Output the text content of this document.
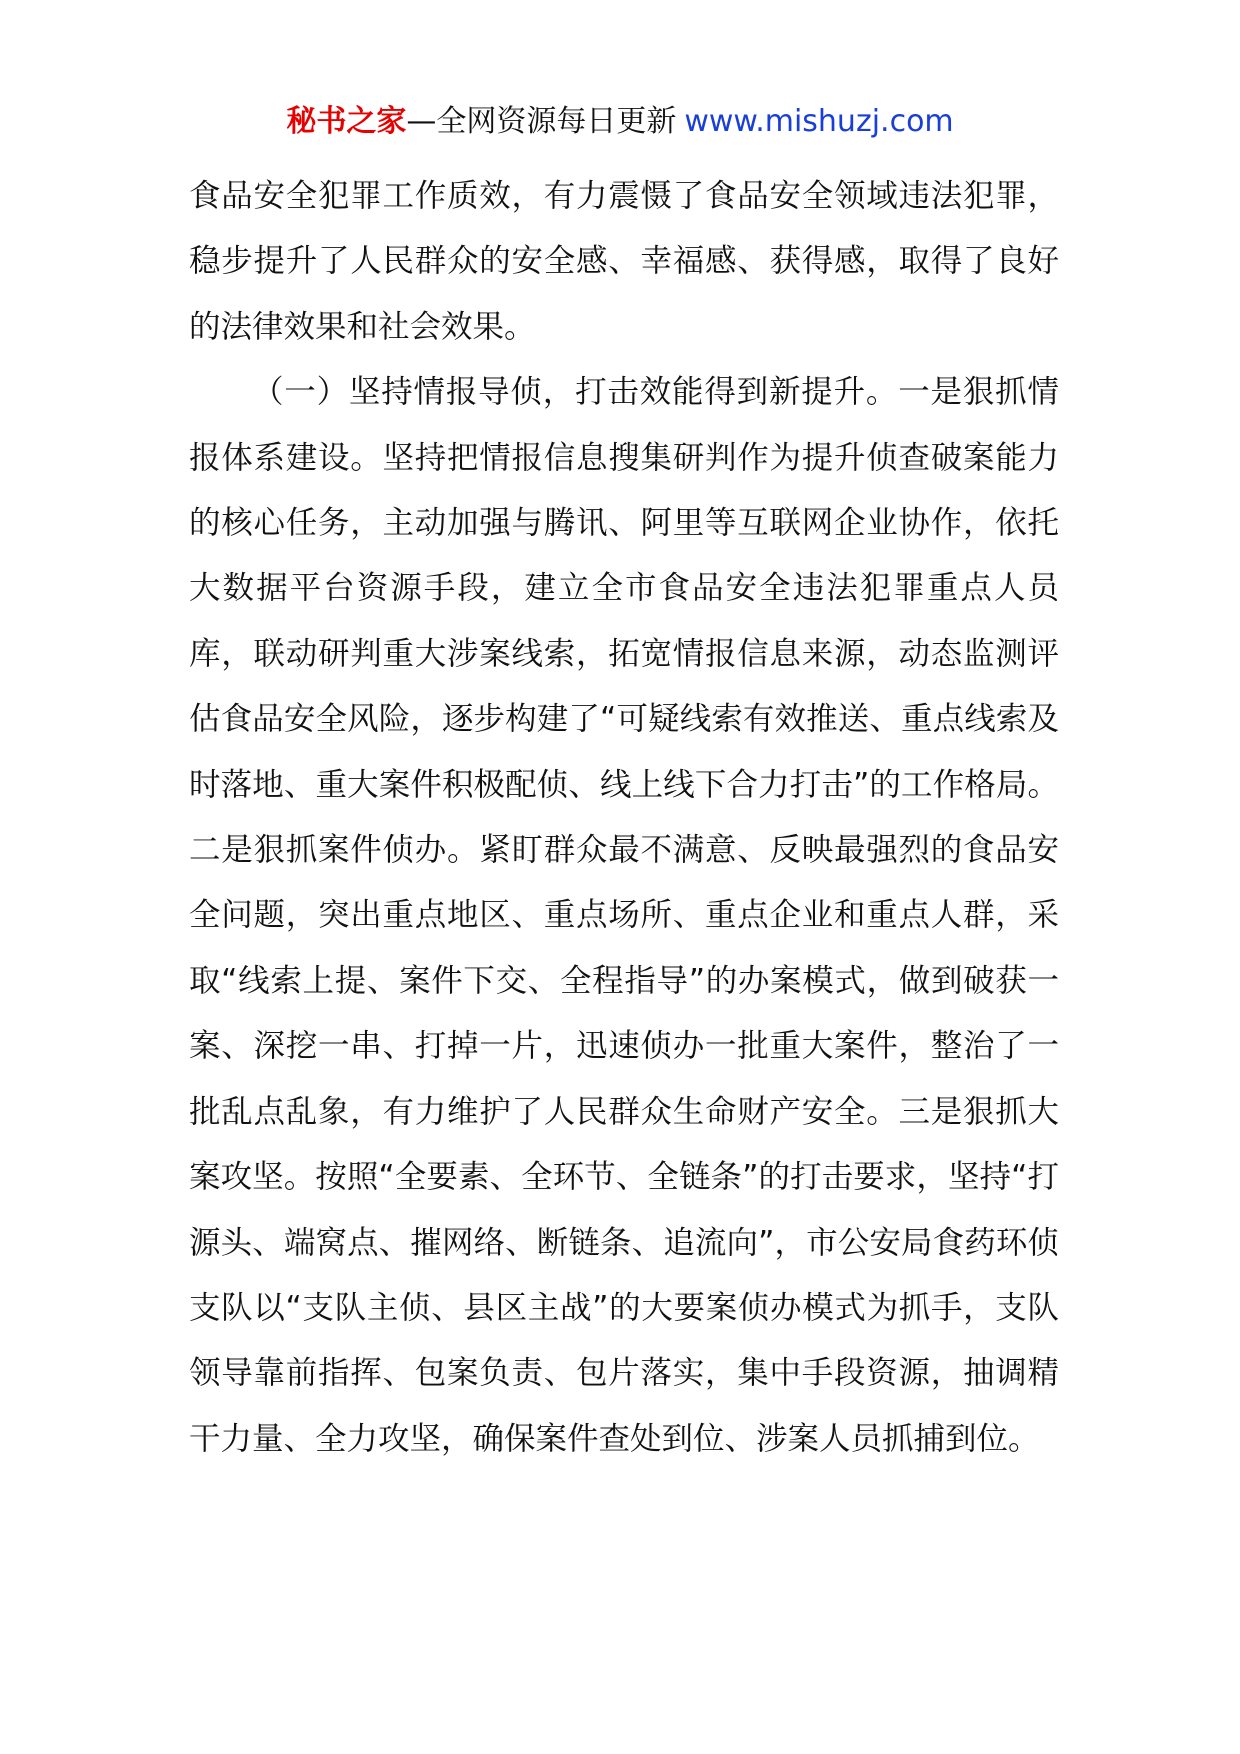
秘书之家—全网资源每日更新 www.mishuzj.com

食品安全犯罪工作质效，有力震慑了食品安全领域违法犯罪，稳步提升了人民群众的安全感、幸福感、获得感，取得了良好的法律效果和社会效果。

（一）坚持情报导侦，打击效能得到新提升。一是狠抓情报体系建设。坚持把情报信息搜集研判作为提升侦查破案能力的核心任务，主动加强与腾讯、阿里等互联网企业协作，依托大数据平台资源手段，建立全市食品安全违法犯罪重点人员库，联动研判重大涉案线索，拓宽情报信息来源，动态监测评估食品安全风险，逐步构建了“可疑线索有效推送、重点线索及时落地、重大案件积极配侦、线上线下合力打击”的工作格局。二是狠抓案件侦办。紧盯群众最不满意、反映最强烈的食品安全问题，突出重点地区、重点场所、重点企业和重点人群，采取“线索上提、案件下交、全程指导”的办案模式，做到破获一案、深挖一串、打掉一片，迅速侦办一批重大案件，整治了一批乱点乱象，有力维护了人民群众生命财产安全。三是狠抓大案攻坚。按照“全要素、全环节、全链条”的打击要求，坚持“打源头、端窝点、摧网络、断链条、追流向”，市公安局食药环侦支队以“支队主侦、县区主战”的大要案侦办模式为抓手，支队领导靠前指挥、包案负责、包片落实，集中手段资源，抽调精干力量、全力攻坚，确保案件查处到位、涉案人员抓捕到位。
